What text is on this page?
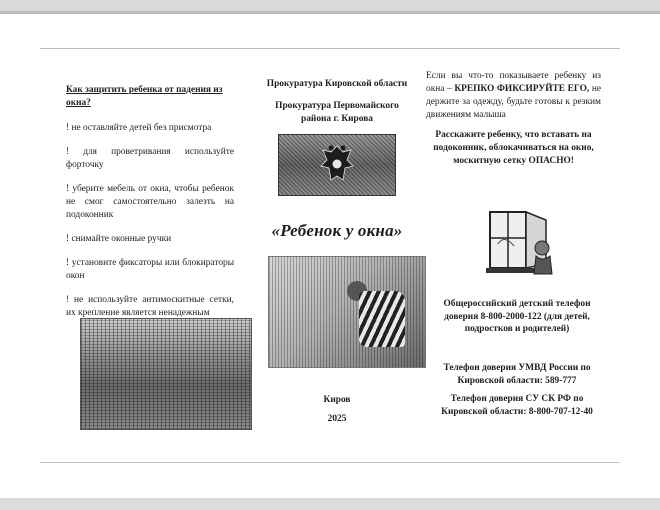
Как защитить ребенка от падения из окна?

! не оставляйте детей без присмотра
! для проветривания используйте форточку
! уберите мебель от окна, чтобы ребенок не смог самостоятельно залезть на подоконник
! снимайте оконные ручки
! установите фиксаторы или блокираторы окон
! не используйте антимоскитные сетки, их крепление является ненадежным
Прокуратура Кировской области
Прокуратура Первомайского района г. Кирова
«Ребенок у окна»
Киров
2025

Если вы что-то показываете ребенку из окна – КРЕПКО ФИКСИРУЙТЕ ЕГО, не держите за одежду, будьте готовы к резким движениям малыша

Расскажите ребенку, что вставать на подоконник, облокачиваться на окно, москитную сетку ОПАСНО!

Общероссийский детский телефон доверия 8-800-2000-122 (для детей, подростков и родителей)
Телефон доверия УМВД России по Кировской области: 589-777
Телефон доверия СУ СК РФ по Кировской области: 8-800-707-12-40
